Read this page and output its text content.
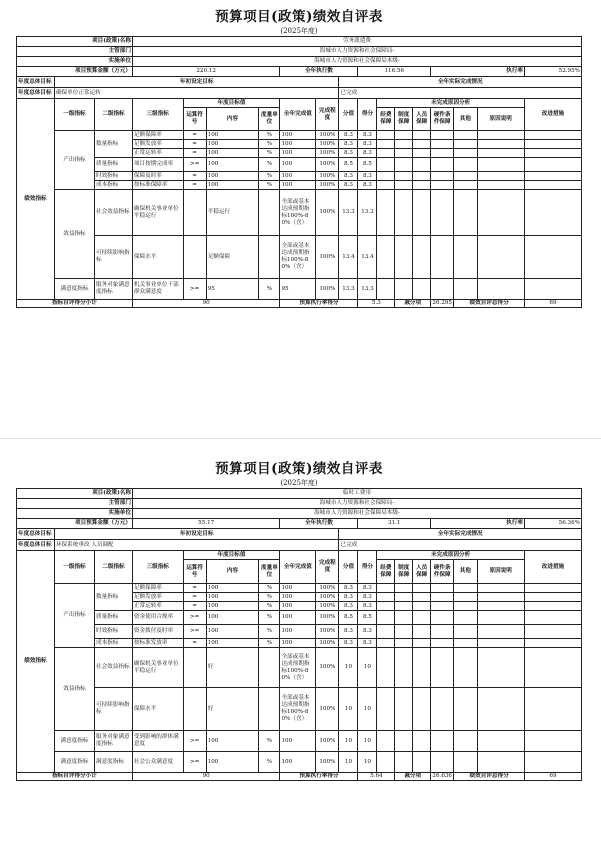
预算项目(政策)绩效自评表
(2025年度)
项目(政策)名称	劳务派遣费
主管部门	海城市人力资源和社会保障局-
实施单位	海城市人力资源和社会保障局本级-
项目预算金额（万元）	220.12	全年执行数	116.56	执行率	52.95%
年度总体目标	年初设定目标	全年实际完成情况
年度总体目标	确保单位正常运转	已完成
绩效指标	一级指标	二级指标	三级指标	年度目标值	全年完成值	完成程度	分值	得分	未完成原因分析	改进措施
运算符号	内容	度量单位	经费保障	制度保障	人员保障	硬件条件保障	其他	原因说明
产出指标	数量指标	足额保障率	=	100	%	100	100%	8.3	8.3							
足额发放率	=	100	%	100	100%	8.3	8.3							
正常运转率	=	100	%	100	100%	8.3	8.3							
质量指标	项目按期完成率	>=	100	%	100	100%	8.5	8.5							
时效指标	保障及时率	=	100	%	100	100%	8.3	8.3							
成本指标	按标准保障率	=	100	%	100	100%	8.3	8.3							
效益指标	社会效益指标	确保机关事业单位平稳运行		平稳运行		全部或基本达成预期指标100%-80%（含）	100%	13.3	13.3							
可持续影响指标	保障水平		足额保障		全部或基本达成预期指标100%-80%（含）	100%	13.4	13.4							
满意度指标	服务对象满意度指标	机关事业单位干部群众满意度	>=	95	%	95	100%	13.3	13.3							
指标自评得分小计	90	预算执行率得分	5.3	减分项	26.295	绩效自评总得分	69
预算项目(政策)绩效自评表
(2025年度)
项目(政策)名称	临时工费用
主管部门	海城市人力资源和社会保障局-
实施单位	海城市人力资源和社会保障局本级-
项目预算金额（万元）	55.17	全年执行数	31.1	执行率	56.36%
年度总体目标	年初设定目标	全年实际完成情况
年度总体目标	环保系统垂改 人员调配	已完成
绩效指标	一级指标	二级指标	三级指标	年度目标值	全年完成值	完成程度	分值	得分	未完成原因分析	改进措施
运算符号	内容	度量单位	经费保障	制度保障	人员保障	硬件条件保障	其他	原因说明
产出指标	数量指标	足额保障率	=	100	%	100	100%	8.3	8.3							
足额发放率	=	100	%	100	100%	8.3	8.3							
正常运转率	=	100	%	100	100%	8.3	8.3							
质量指标	资金使用合规率	>=	100	%	100	100%	8.5	8.5							
时效指标	资金拨付及时率	>=	100	%	100	100%	8.3	8.3							
成本指标	按标准发放率	=	100	%	100	100%	8.3	8.3							
效益指标	社会效益指标	确保机关事业单位平稳运行		好		全部或基本达成预期指标100%-80%（含）	100%	10	10							
可持续影响指标	保障水平		好		全部或基本达成预期指标100%-80%（含）	100%	10	10							
满意度指标	服务对象满意度指标	受到影响的群体满意度	>=	100	%	100	100%	10	10							
满意度指标	满意度指标	社会公众满意度	>=	100	%	100	100%	10	10							
指标自评得分小计	90	预算执行率得分	5.64	减分项	26.636	绩效自评总得分	69
